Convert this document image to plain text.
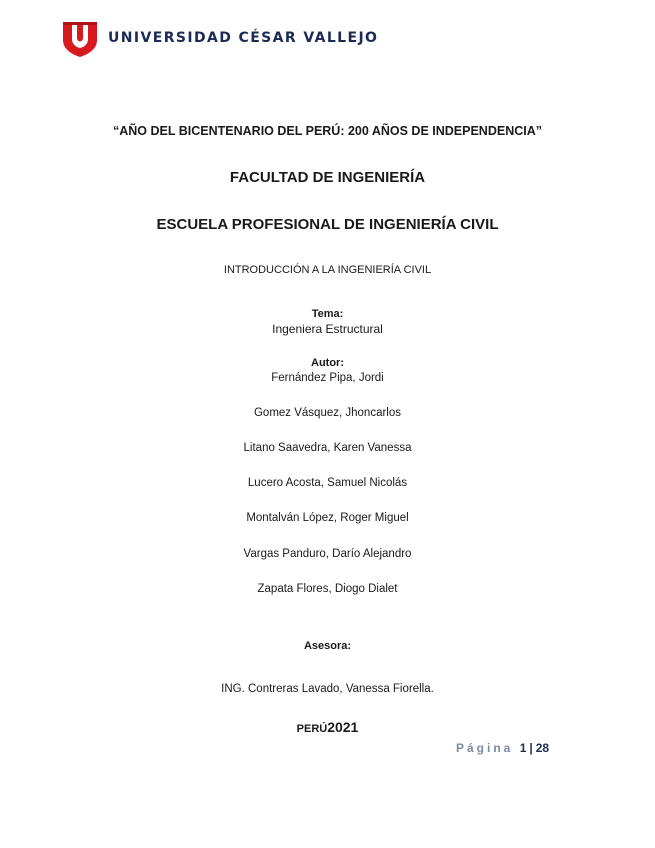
UNIVERSIDAD CÉSAR VALLEJO
“AÑO DEL BICENTENARIO DEL PERÚ: 200 AÑOS DE INDEPENDENCIA”
FACULTAD DE INGENIERÍA
ESCUELA PROFESIONAL DE INGENIERÍA CIVIL
INTRODUCCIÓN A LA INGENIERÍA CIVIL
Tema:
Ingeniera Estructural
Autor:
Fernández Pipa, Jordi
Gomez Vásquez, Jhoncarlos
Litano Saavedra, Karen Vanessa
Lucero Acosta, Samuel Nicolás
Montalván López, Roger Miguel
Vargas Panduro, Darío Alejandro
Zapata Flores, Diogo Dialet
Asesora:
ING. Contreras Lavado, Vanessa Fiorella.
PERÚ2021
Página 1 | 28
